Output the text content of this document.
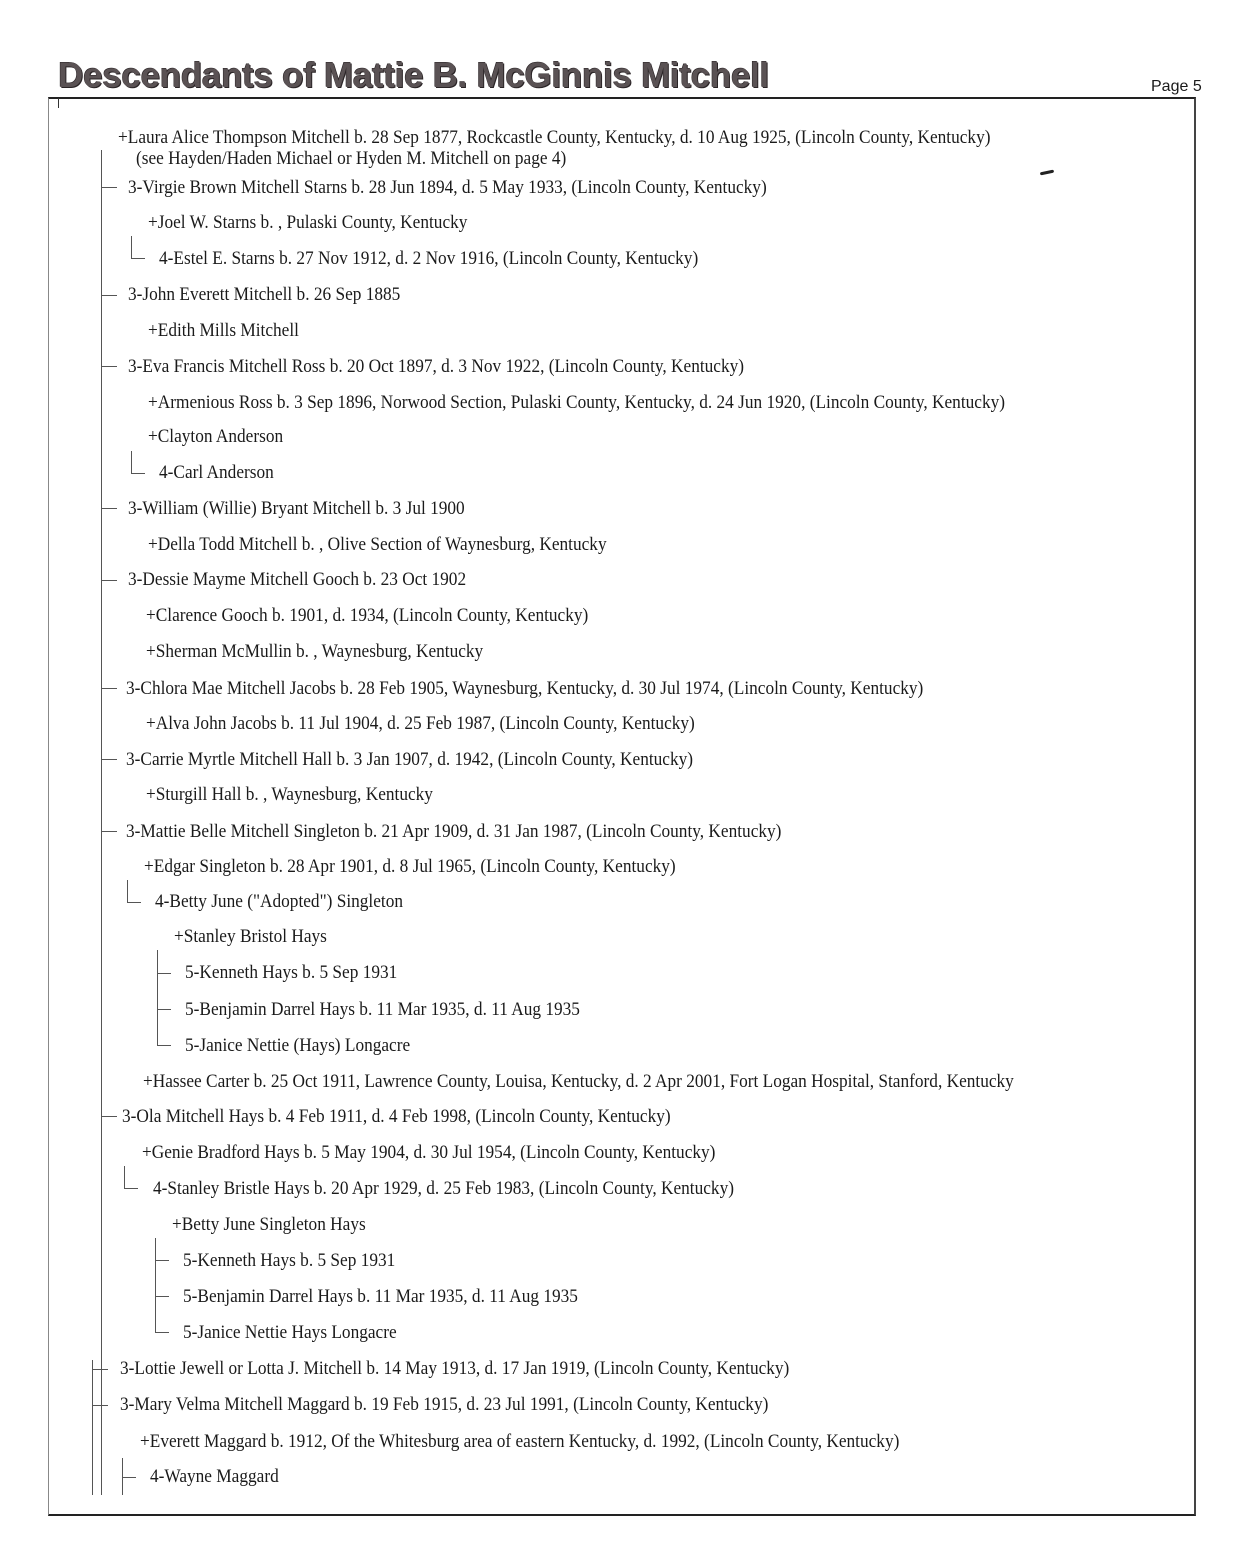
Descendants of Mattie B. McGinnis Mitchell	Page 5
+Laura Alice Thompson Mitchell b. 28 Sep 1877, Rockcastle County, Kentucky, d. 10 Aug 1925, (Lincoln County, Kentucky)
(see Hayden/Haden Michael or Hyden M. Mitchell on page 4)
3-Virgie Brown Mitchell Starns b. 28 Jun 1894, d. 5 May 1933, (Lincoln County, Kentucky)
+Joel W. Starns b. , Pulaski County, Kentucky
4-Estel E. Starns b. 27 Nov 1912, d. 2 Nov 1916, (Lincoln County, Kentucky)
3-John Everett Mitchell b. 26 Sep 1885
+Edith Mills Mitchell
3-Eva Francis Mitchell Ross b. 20 Oct 1897, d. 3 Nov 1922, (Lincoln County, Kentucky)
+Armenious Ross b. 3 Sep 1896, Norwood Section, Pulaski County, Kentucky, d. 24 Jun 1920, (Lincoln County, Kentucky)
+Clayton Anderson
4-Carl Anderson
3-William (Willie) Bryant Mitchell b. 3 Jul 1900
+Della Todd Mitchell b. , Olive Section of Waynesburg, Kentucky
3-Dessie Mayme Mitchell Gooch b. 23 Oct 1902
+Clarence Gooch b. 1901, d. 1934, (Lincoln County, Kentucky)
+Sherman McMullin b. , Waynesburg, Kentucky
3-Chlora Mae Mitchell Jacobs b. 28 Feb 1905, Waynesburg, Kentucky, d. 30 Jul 1974, (Lincoln County, Kentucky)
+Alva John Jacobs b. 11 Jul 1904, d. 25 Feb 1987, (Lincoln County, Kentucky)
3-Carrie Myrtle Mitchell Hall b. 3 Jan 1907, d. 1942, (Lincoln County, Kentucky)
+Sturgill Hall b. , Waynesburg, Kentucky
3-Mattie Belle Mitchell Singleton b. 21 Apr 1909, d. 31 Jan 1987, (Lincoln County, Kentucky)
+Edgar Singleton b. 28 Apr 1901, d. 8 Jul 1965, (Lincoln County, Kentucky)
4-Betty June ("Adopted") Singleton
+Stanley Bristol Hays
5-Kenneth Hays b. 5 Sep 1931
5-Benjamin Darrel Hays b. 11 Mar 1935, d. 11 Aug 1935
5-Janice Nettie (Hays) Longacre
+Hassee Carter b. 25 Oct 1911, Lawrence County, Louisa, Kentucky, d. 2 Apr 2001, Fort Logan Hospital, Stanford, Kentucky
3-Ola Mitchell Hays b. 4 Feb 1911, d. 4 Feb 1998, (Lincoln County, Kentucky)
+Genie Bradford Hays b. 5 May 1904, d. 30 Jul 1954, (Lincoln County, Kentucky)
4-Stanley Bristle Hays b. 20 Apr 1929, d. 25 Feb 1983, (Lincoln County, Kentucky)
+Betty June Singleton Hays
5-Kenneth Hays b. 5 Sep 1931
5-Benjamin Darrel Hays b. 11 Mar 1935, d. 11 Aug 1935
5-Janice Nettie Hays Longacre
3-Lottie Jewell or Lotta J. Mitchell b. 14 May 1913, d. 17 Jan 1919, (Lincoln County, Kentucky)
3-Mary Velma Mitchell Maggard b. 19 Feb 1915, d. 23 Jul 1991, (Lincoln County, Kentucky)
+Everett Maggard b. 1912, Of the Whitesburg area of eastern Kentucky, d. 1992, (Lincoln County, Kentucky)
4-Wayne Maggard
